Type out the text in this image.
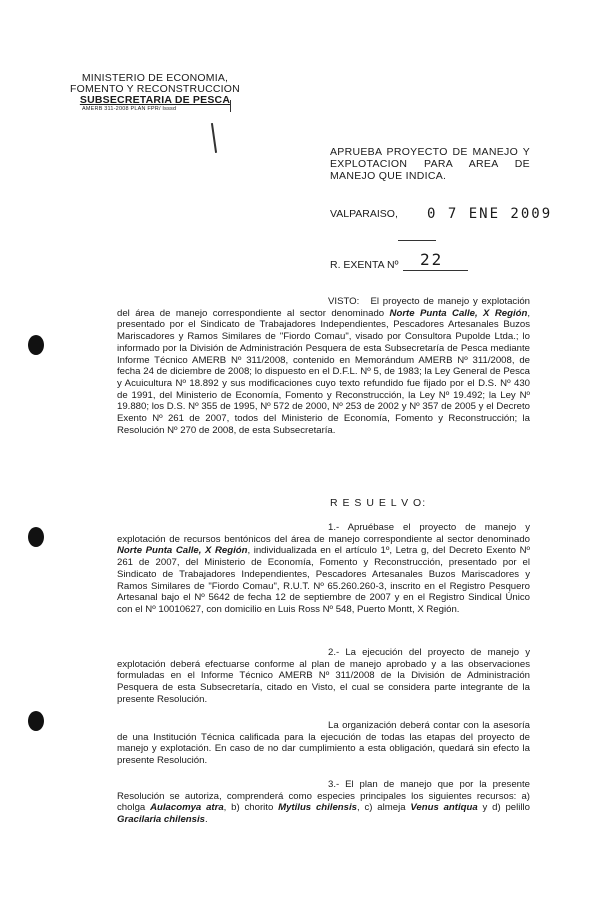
MINISTERIO DE ECONOMIA,
FOMENTO Y RECONSTRUCCION
SUBSECRETARIA DE PESCA
AMERB 311-2008 PLAN FPR/ Isssd
APRUEBA PROYECTO DE MANEJO Y EXPLOTACION PARA AREA DE MANEJO QUE INDICA.
VALPARAISO, 0 7 ENE 2009
R. EXENTA Nº 22
VISTO: El proyecto de manejo y explotación del área de manejo correspondiente al sector denominado Norte Punta Calle, X Región, presentado por el Sindicato de Trabajadores Independientes, Pescadores Artesanales Buzos Mariscadores y Ramos Similares de "Fiordo Comau", visado por Consultora Pupolde Ltda.; lo informado por la División de Administración Pesquera de esta Subsecretaría de Pesca mediante Informe Técnico AMERB Nº 311/2008, contenido en Memorándum AMERB Nº 311/2008, de fecha 24 de diciembre de 2008; lo dispuesto en el D.F.L. Nº 5, de 1983; la Ley General de Pesca y Acuicultura Nº 18.892 y sus modificaciones cuyo texto refundido fue fijado por el D.S. Nº 430 de 1991, del Ministerio de Economía, Fomento y Reconstrucción, la Ley Nº 19.492; la Ley Nº 19.880; los D.S. Nº 355 de 1995, Nº 572 de 2000, Nº 253 de 2002 y Nº 357 de 2005 y el Decreto Exento Nº 261 de 2007, todos del Ministerio de Economía, Fomento y Reconstrucción; la Resolución Nº 270 de 2008, de esta Subsecretaría.
R E S U E L V O:
1.- Apruébase el proyecto de manejo y explotación de recursos bentónicos del área de manejo correspondiente al sector denominado Norte Punta Calle, X Región, individualizada en el artículo 1º, Letra g, del Decreto Exento Nº 261 de 2007, del Ministerio de Economía, Fomento y Reconstrucción, presentado por el Sindicato de Trabajadores Independientes, Pescadores Artesanales Buzos Mariscadores y Ramos Similares de "Fiordo Comau", R.U.T. Nº 65.260.260-3, inscrito en el Registro Pesquero Artesanal bajo el Nº 5642 de fecha 12 de septiembre de 2007 y en el Registro Sindical Único con el Nº 10010627, con domicilio en Luis Ross Nº 548, Puerto Montt, X Región.
2.- La ejecución del proyecto de manejo y explotación deberá efectuarse conforme al plan de manejo aprobado y a las observaciones formuladas en el Informe Técnico AMERB Nº 311/2008 de la División de Administración Pesquera de esta Subsecretaría, citado en Visto, el cual se considera parte integrante de la presente Resolución.
La organización deberá contar con la asesoría de una Institución Técnica calificada para la ejecución de todas las etapas del proyecto de manejo y explotación. En caso de no dar cumplimiento a esta obligación, quedará sin efecto la presente Resolución.
3.- El plan de manejo que por la presente Resolución se autoriza, comprenderá como especies principales los siguientes recursos: a) cholga Aulacomya atra, b) chorito Mytilus chilensis, c) almeja Venus antiqua y d) pelillo Gracilaria chilensis.
